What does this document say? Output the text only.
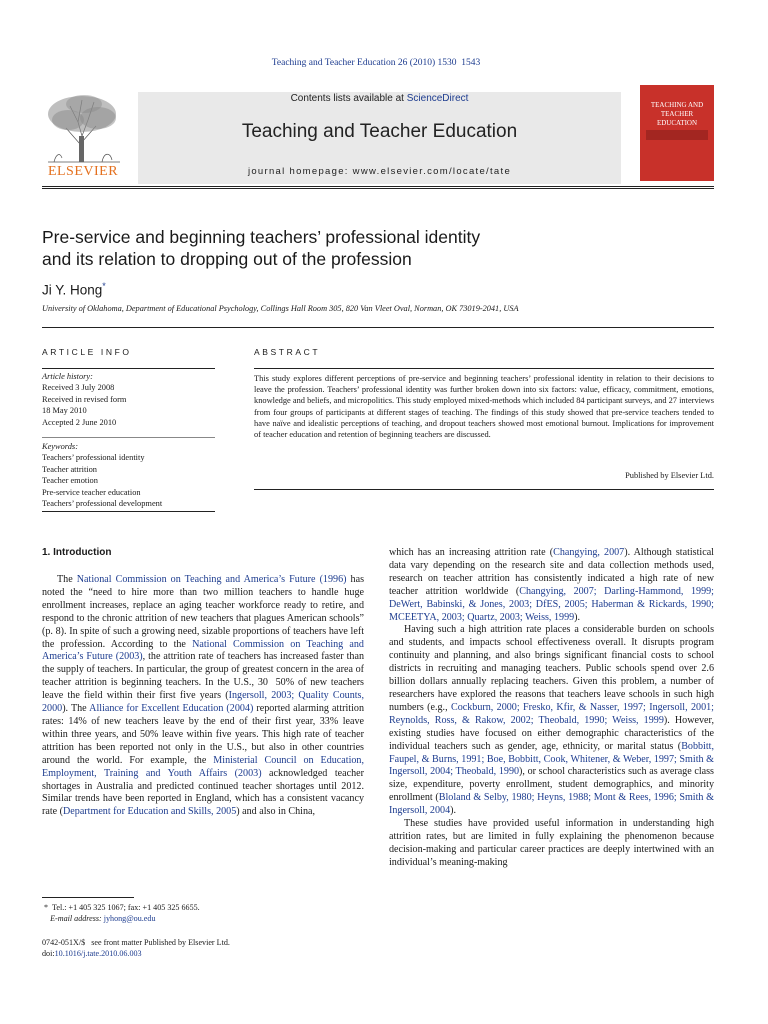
Teaching and Teacher Education 26 (2010) 1530  1543
ELSEVIER
Contents lists available at ScienceDirect
Teaching and Teacher Education
journal homepage: www.elsevier.com/locate/tate
TEACHING AND TEACHER EDUCATION
Pre-service and beginning teachers’ professional identity
and its relation to dropping out of the profession
Ji Y. Hong*
University of Oklahoma, Department of Educational Psychology, Collings Hall Room 305, 820 Van Vleet Oval, Norman, OK 73019-2041, USA
ARTICLE INFO	ABSTRACT
Article history:
Received 3 July 2008
Received in revised form
18 May 2010
Accepted 2 June 2010
Keywords:
Teachers’ professional identity
Teacher attrition
Teacher emotion
Pre-service teacher education
Teachers’ professional development
This study explores different perceptions of pre-service and beginning teachers’ professional identity in relation to their decisions to leave the profession. Teachers’ professional identity was further broken down into six factors: value, efficacy, commitment, emotions, knowledge and beliefs, and micropolitics. This study employed mixed-methods which included 84 participant surveys, and 27 interviews from four groups of participants at different stages of teaching. The findings of this study showed that pre-service teachers tended to have naïve and idealistic perceptions of teaching, and dropout teachers showed most emotional burnout. Implications for improvement of teacher education and retention of beginning teachers are discussed.
Published by Elsevier Ltd.
1. Introduction

The National Commission on Teaching and America’s Future (1996) has noted the “need to hire more than two million teachers to handle huge enrollment increases, replace an aging teacher workforce ready to retire, and respond to the chronic attrition of new teachers that plagues American schools” (p. 8). In spite of such a growing need, sizable proportions of teachers have left the profession. According to the National Commission on Teaching and America’s Future (2003), the attrition rate of teachers has increased faster than the supply of teachers. In particular, the group of greatest concern in the area of teacher attrition is beginning teachers. In the U.S., 30  50% of new teachers leave the field within their first five years (Ingersoll, 2003; Quality Counts, 2000). The Alliance for Excellent Education (2004) reported alarming attrition rates: 14% of new teachers leave by the end of their first year, 33% leave within three years, and 50% leave within five years. This high rate of teacher attrition has been reported not only in the U.S., but also in other countries around the world. For example, the Ministerial Council on Education, Employment, Training and Youth Affairs (2003) acknowledged teacher shortages in Australia and predicted continued teacher shortages until 2012. Similar trends have been reported in England, which has a consistent vacancy rate (Department for Education and Skills, 2005) and also in China,

which has an increasing attrition rate (Changying, 2007). Although statistical data vary depending on the research site and data collection methods used, research on teacher attrition has consistently indicated a high rate of new teacher attrition worldwide (Changying, 2007; Darling-Hammond, 1999; DeWert, Babinski, & Jones, 2003; DfES, 2005; Haberman & Rickards, 1990; MCEETYA, 2003; Quartz, 2003; Weiss, 1999).

Having such a high attrition rate places a considerable burden on schools and students, and impacts school effectiveness overall. It disrupts program continuity and planning, and also brings significant financial costs to school districts in recruiting and managing teachers. Public schools spend over 2.6 billion dollars annually replacing teachers. Given this problem, a number of researchers have explored the reasons that teachers leave schools in such high numbers (e.g., Cockburn, 2000; Fresko, Kfir, & Nasser, 1997; Ingersoll, 2001; Reynolds, Ross, & Rakow, 2002; Theobald, 1990; Weiss, 1999). However, existing studies have focused on either demographic characteristics of the individual teachers such as gender, age, ethnicity, or marital status (Bobbitt, Faupel, & Burns, 1991; Boe, Bobbitt, Cook, Whitener, & Weber, 1997; Smith & Ingersoll, 2004; Theobald, 1990), or school characteristics such as average class size, expenditure, poverty enrollment, student demographics, and minority enrollment (Bloland & Selby, 1980; Heyns, 1988; Mont & Rees, 1996; Smith & Ingersoll, 2004).

These studies have provided useful information in understanding high attrition rates, but are limited in fully explaining the phenomenon because decision-making and particular career practices are deeply intertwined with an individual’s meaning-making

* Tel.: +1 405 325 1067; fax: +1 405 325 6655.
E-mail address: jyhong@ou.edu
0742-051X/$   see front matter Published by Elsevier Ltd.
doi:10.1016/j.tate.2010.06.003
